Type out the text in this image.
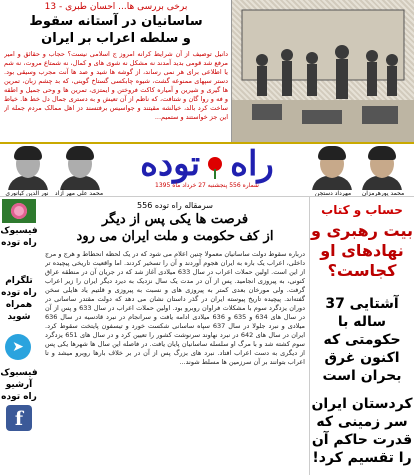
برخی بررسی ها... احسان طبری - 13
ساسانیان در آستانه سقوط
و سلطه اعراب بر ایران
دانیل توصیف از آن شرایط کرانه امروز ج اسلامی نیست؟ حجاب و حقائق و امیر مرفع شد قومی بدید آمدند نه مشکل نه شوی های و کمال، نه شمتاع مروت، نه شم یا اطلاعی برای هر نمی رساند، از گوشه ها شید و صد ها آنت مجرب وسیقی بود. دستر سپهای ممنوعه گشت، شیوه چابکسی گستاخ گوینی، که بد چشم زبان، تمرین ها گیری و شیرین و آمیاره کاکت فروختن و ایمتزی، تمرین ها و وحی جمیل و اطقه و فه و روا گان و شتافت، که ناظم از آن تعیش و به دستری جمال دل خط ها. خیاط ساخت کرد بالد، خیالشه مقیتند و جواسیس برفتسند دز اهل ممالک مردم جمله از این جز خواستند و ستمیم...
محمد پورهرمزان
مهرداد دستجن
محمد علی مهر آزاد
نور الدین کیانوری
توده راه
شماره 556 پنجشنبه 27 خرداد ماه 1395
فیسبوک راه توده
تلگرام راه توده همراه شوید
➤
فیسبوک آرشیو راه توده
f
سرمقاله راه توده 556
فرصت ها یکی پس از دیگر
از کف حکومت و ملت ایران می رود
درباره سقوط دولت ساسانیان معمولا چنین اعلام می شود که در یک لحظه انحطاط و هرج و مرج داخلی، اعراب یک باره به ایران هجوم آوردند و آن را تسخیر کردند. اما واقعیت تاریخی پیچیده تر از این است. اولین حملات اعراب در سال 633 میلادی آغاز شد که در جریان آن در منطقه عراق کنونی، به پیروزی انجامید. پس از آن در مدت یک سال نزدیک به دیرد دیگر ایران را زیر اعراب گرفت. ولی مورخان بعدی کمتر به پیروزی های و نسبت به پیروزی و قلتیم یاد هایلی سخن گفته‌اند. پیچیده تاریخ پیوسته ایران در گذر داستان نشان می دهد که دولت مقتدر ساسانی در دوران یزدگرد سوم با مشکلات فراوان روبرو بود. اولین حملات اعراب در سال 633 و پس از آن در سال های 634 و 635 و 636 میلادی ادامه یافت و سرانجام در نبرد قادسیه در سال 636 میلادی و نبرد جلولا در سال 637 سپاه ساسانی شکست خورد و تیسفون پایتخت سقوط کرد. ایران در سال های 642 در نبرد نهاوند سرنوشت کشور را تعیین کرد و در سال های 651 یزدگرد سوم کشته شد و با مرگ او سلسله ساسانیان پایان یافت. در فاصله این سال ها شهرها یکی پس از دیگری به دست اعراب افتاد. نبرد های بزرگ پس از آن در بر خلاف بارها روبرو میشد و تا اعراب بتوانند بر آن سرزمین ها مسلط شوند...
حساب و کتاب
بیت رهبری و نهادهای او کجاست؟
آشتایی 37 ساله با حکومتی که اکنون غرق بحران است
کردستان ایران سر زمینی که قدرت حاکم آن را تقسیم کرد!
